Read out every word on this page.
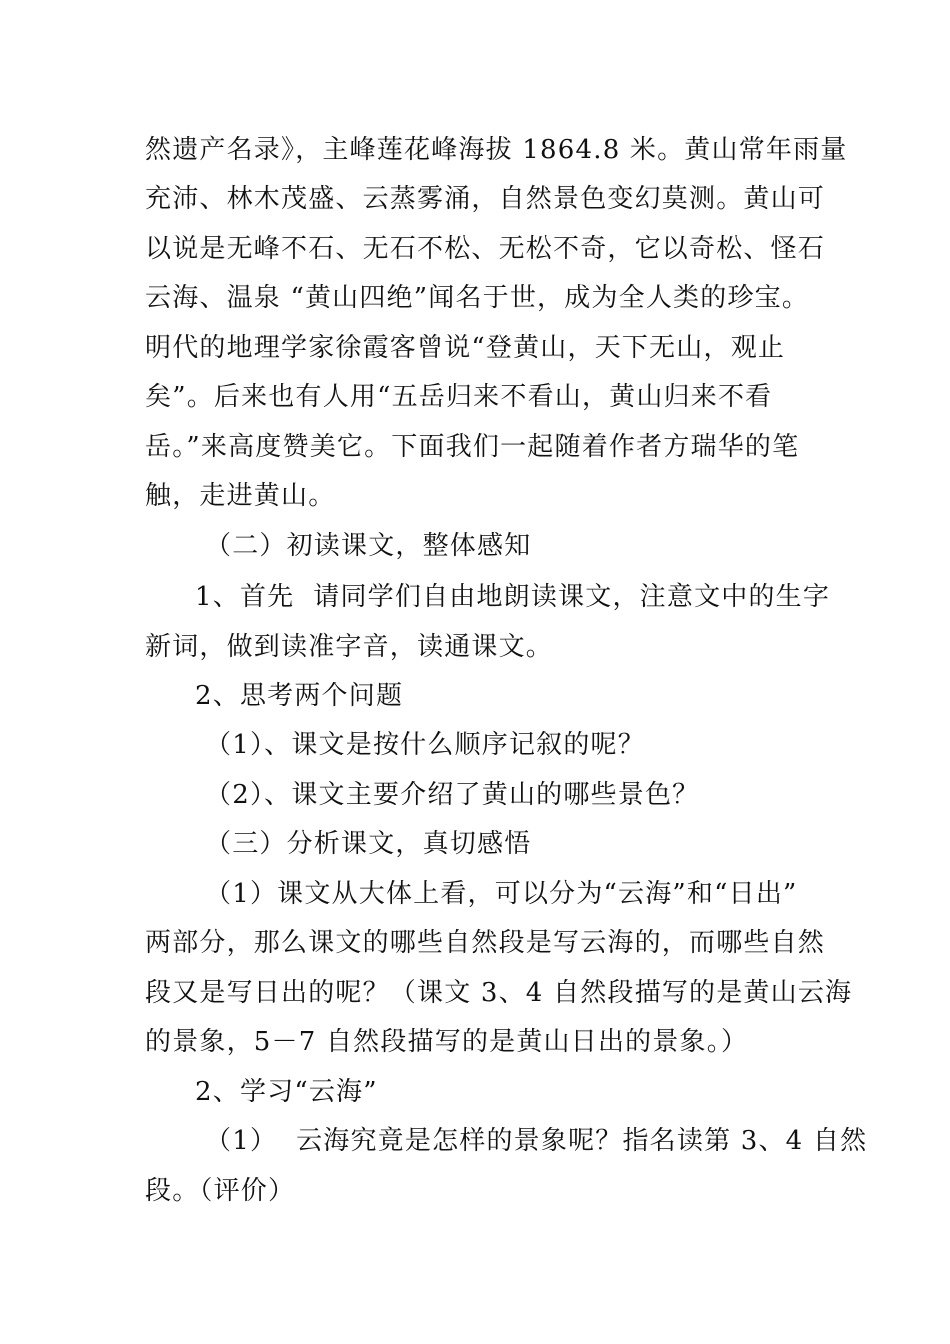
然遗产名录》，主峰莲花峰海拔 1864.8 米。黄山常年雨量
充沛、林木茂盛、云蒸雾涌，自然景色变幻莫测。黄山可
以说是无峰不石、无石不松、无松不奇，它以奇松、怪石
云海、温泉 “黄山四绝”闻名于世，成为全人类的珍宝。
明代的地理学家徐霞客曾说“登黄山，天下无山，观止
矣”。后来也有人用“五岳归来不看山，黄山归来不看
岳。”来高度赞美它。下面我们一起随着作者方瑞华的笔
触，走进黄山。
（二）初读课文，整体感知
1、首先  请同学们自由地朗读课文，注意文中的生字
新词，做到读准字音，读通课文。
2、思考两个问题
（1）、课文是按什么顺序记叙的呢？
（2）、课文主要介绍了黄山的哪些景色？
（三）分析课文，真切感悟
（1）课文从大体上看，可以分为“云海”和“日出”
两部分，那么课文的哪些自然段是写云海的，而哪些自然
段又是写日出的呢？（课文 3、4 自然段描写的是黄山云海
的景象，5－7 自然段描写的是黄山日出的景象。）
2、学习“云海”
（1）  云海究竟是怎样的景象呢？指名读第 3、4 自然
段。（评价）
